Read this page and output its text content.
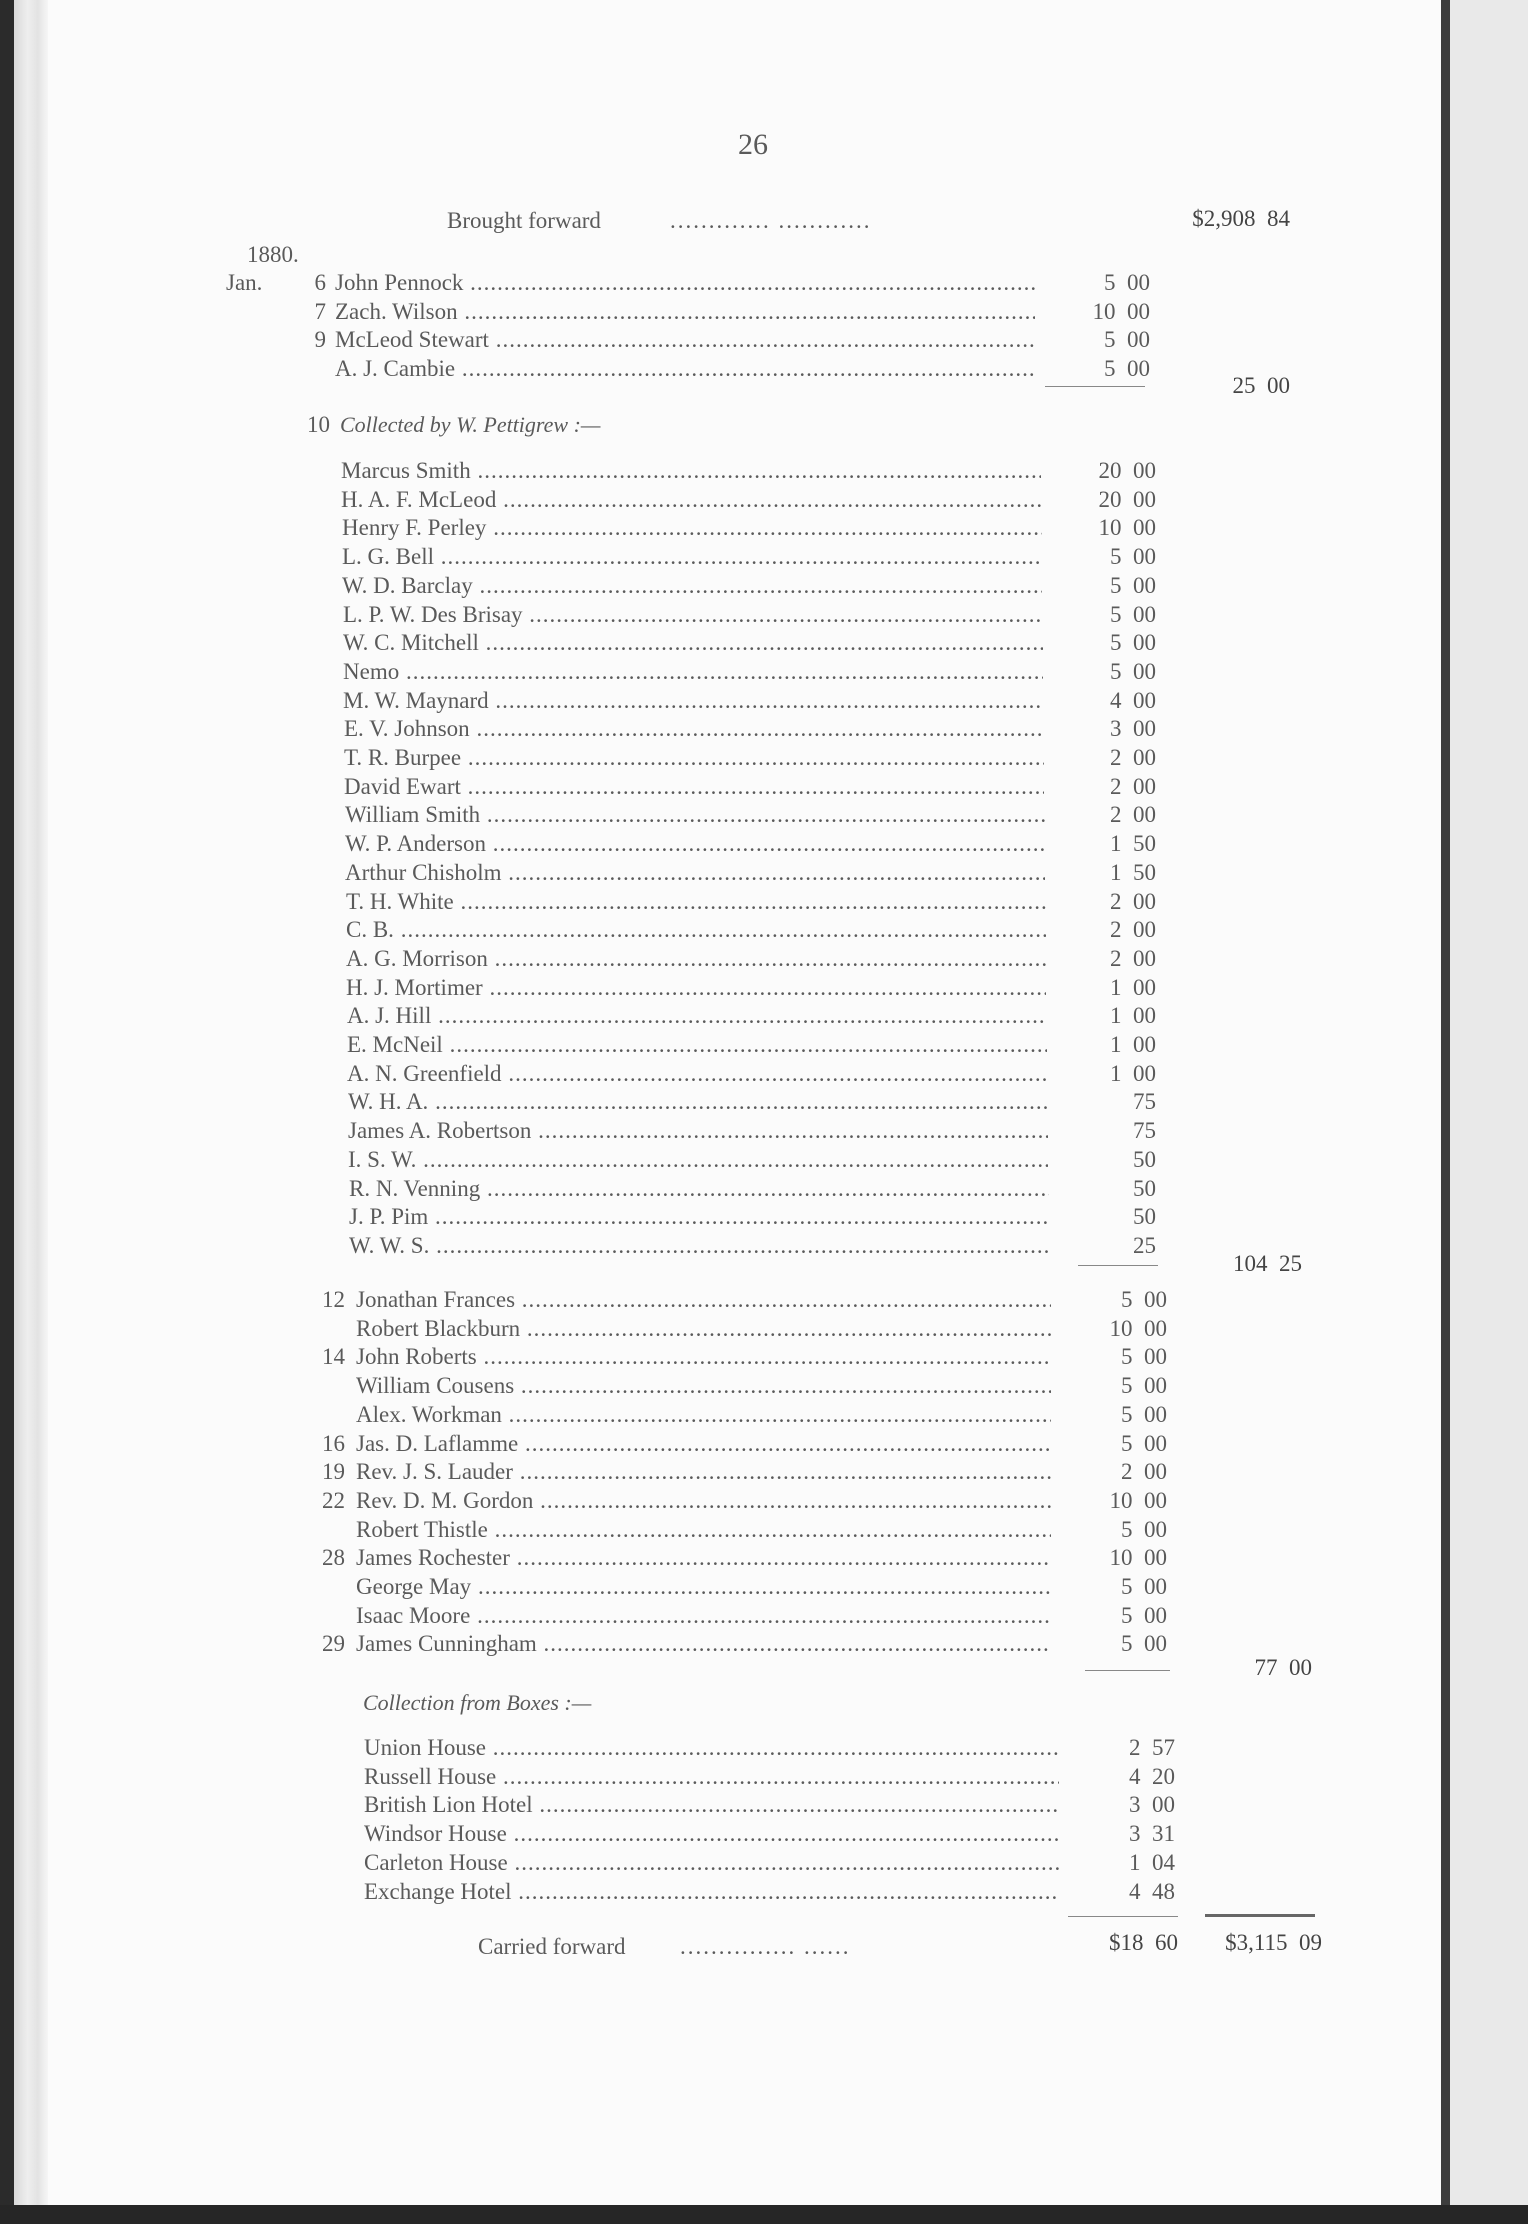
26
Brought forward	............. ............	$2,908  84
1880.
Jan.	6 John Pennock .....	5  00
7 Zach. Wilson .....	10  00
9 McLeod Stewart .....	5  00
A. J. Cambie .....	5  00
25  00
10 Collected by W. Pettigrew :—
Marcus Smith .....	20  00
H. A. F. McLeod .....	20  00
Henry F. Perley .....	10  00
L. G. Bell .....	5  00
W. D. Barclay .....	5  00
L. P. W. Des Brisay .....	5  00
W. C. Mitchell .....	5  00
Nemo .....	5  00
M. W. Maynard .....	4  00
E. V. Johnson .....	3  00
T. R. Burpee .....	2  00
David Ewart .....	2  00
William Smith .....	2  00
W. P. Anderson .....	1  50
Arthur Chisholm .....	1  50
T. H. White .....	2  00
C. B. .....	2  00
A. G. Morrison .....	2  00
H. J. Mortimer .....	1  00
A. J. Hill .....	1  00
E. McNeil .....	1  00
A. N. Greenfield .....	1  00
W. H. A. .....	75
James A. Robertson .....	75
I. S. W. .....	50
R. N. Venning .....	50
J. P. Pim .....	50
W. W. S. .....	25
104  25
12 Jonathan Frances .....	5  00
Robert Blackburn .....	10  00
14 John Roberts .....	5  00
William Cousens .....	5  00
Alex. Workman .....	5  00
16 Jas. D. Laflamme .....	5  00
19 Rev. J. S. Lauder .....	2  00
22 Rev. D. M. Gordon .....	10  00
Robert Thistle .....	5  00
28 James Rochester .....	10  00
George May .....	5  00
Isaac Moore .....	5  00
29 James Cunningham .....	5  00
77  00
Collection from Boxes :—
Union House .....	2  57
Russell House .....	4  20
British Lion Hotel .....	3  00
Windsor House .....	3  31
Carleton House .....	1  04
Exchange Hotel .....	4  48
Carried forward ............... ......	$18  60	$3,115  09
